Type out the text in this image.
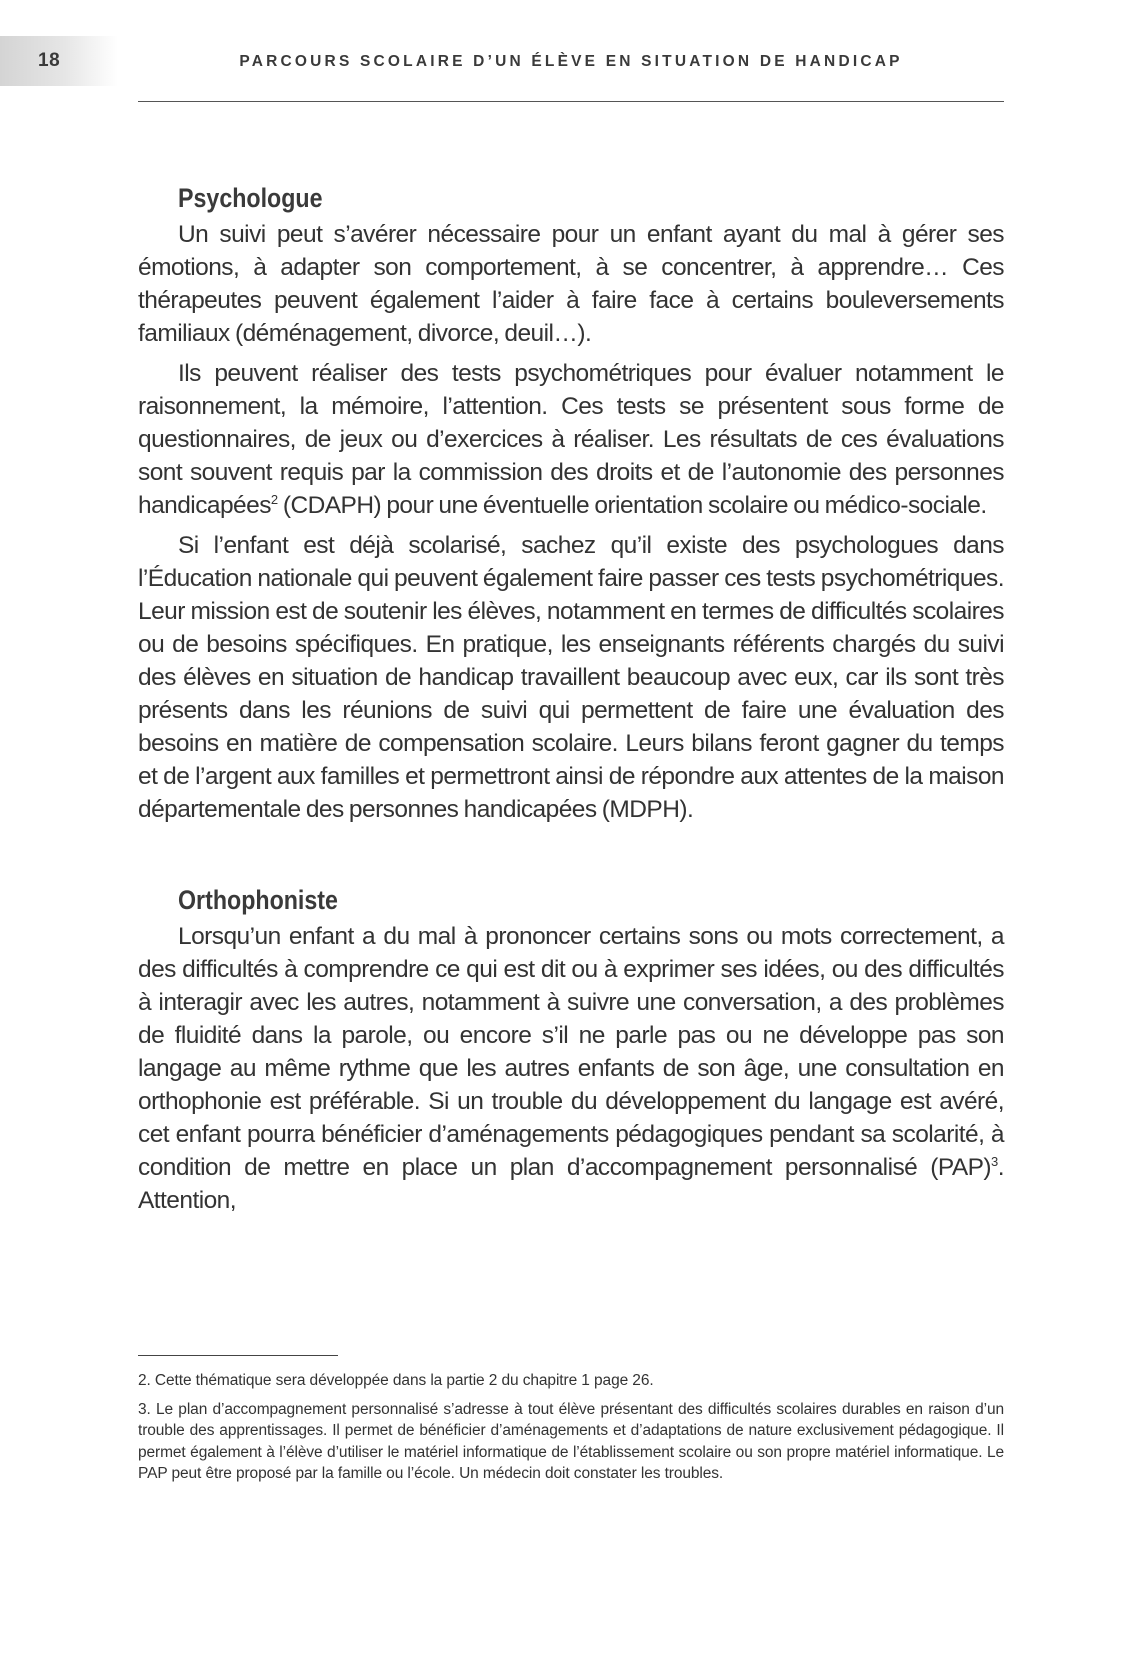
18	PARCOURS SCOLAIRE D’UN ÉLÈVE EN SITUATION DE HANDICAP
Psychologue

Un suivi peut s’avérer nécessaire pour un enfant ayant du mal à gérer ses émotions, à adapter son comportement, à se concentrer, à apprendre… Ces thérapeutes peuvent également l’aider à faire face à certains bouleversements familiaux (déménagement, divorce, deuil…).

Ils peuvent réaliser des tests psychométriques pour évaluer notamment le raisonnement, la mémoire, l’attention. Ces tests se présentent sous forme de questionnaires, de jeux ou d’exercices à réaliser. Les résultats de ces évaluations sont souvent requis par la commission des droits et de l’autonomie des personnes handicapées$^2$ (CDAPH) pour une éventuelle orientation scolaire ou médico-sociale.

Si l’enfant est déjà scolarisé, sachez qu’il existe des psychologues dans l’Éducation nationale qui peuvent également faire passer ces tests psychométriques. Leur mission est de soutenir les élèves, notamment en termes de difficultés scolaires ou de besoins spécifiques. En pratique, les enseignants référents chargés du suivi des élèves en situation de handicap travaillent beaucoup avec eux, car ils sont très présents dans les réunions de suivi qui permettent de faire une évaluation des besoins en matière de compensation scolaire. Leurs bilans feront gagner du temps et de l’argent aux familles et permettront ainsi de répondre aux attentes de la maison départementale des personnes handicapées (MDPH).

Orthophoniste

Lorsqu’un enfant a du mal à prononcer certains sons ou mots correctement, a des difficultés à comprendre ce qui est dit ou à exprimer ses idées, ou des difficultés à interagir avec les autres, notamment à suivre une conversation, a des problèmes de fluidité dans la parole, ou encore s’il ne parle pas ou ne développe pas son langage au même rythme que les autres enfants de son âge, une consultation en orthophonie est préférable. Si un trouble du développement du langage est avéré, cet enfant pourra bénéficier d’aménagements pédagogiques pendant sa scolarité, à condition de mettre en place un plan d’accompagnement personnalisé (PAP)$^3$. Attention,

2. Cette thématique sera développée dans la partie 2 du chapitre 1 page 26.

3. Le plan d’accompagnement personnalisé s’adresse à tout élève présentant des difficultés scolaires durables en raison d’un trouble des apprentissages. Il permet de bénéficier d’aménagements et d’adaptations de nature exclusivement pédagogique. Il permet également à l’élève d’utiliser le matériel informatique de l’établissement scolaire ou son propre matériel informatique. Le PAP peut être proposé par la famille ou l’école. Un médecin doit constater les troubles.
